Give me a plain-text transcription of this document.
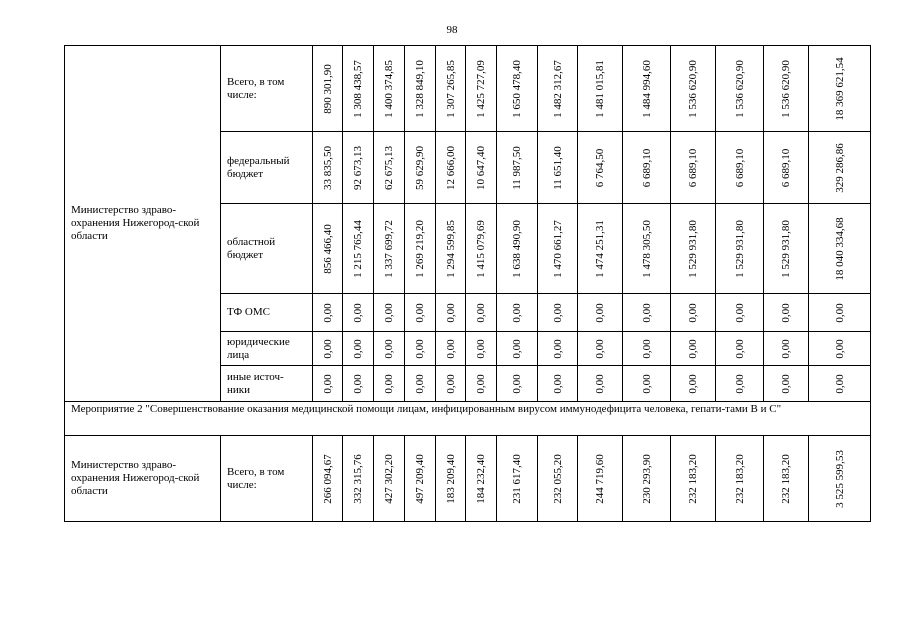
98
Министерство здраво-охранения Нижегород-ской области	Всего, в том числе:	890 301,90	1 308 438,57	1 400 374,85	1 328 849,10	1 307 265,85	1 425 727,09	1 650 478,40	1 482 312,67	1 481 015,81	1 484 994,60	1 536 620,90	1 536 620,90	1 536 620,90	18 369 621,54

	федеральный бюджет	33 835,50	92 673,13	62 675,13	59 629,90	12 666,00	10 647,40	11 987,50	11 651,40	6 764,50	6 689,10	6 689,10	6 689,10	6 689,10	329 286,86

	областной бюджет	856 466,40	1 215 765,44	1 337 699,72	1 269 219,20	1 294 599,85	1 415 079,69	1 638 490,90	1 470 661,27	1 474 251,31	1 478 305,50	1 529 931,80	1 529 931,80	1 529 931,80	18 040 334,68

	ТФ ОМС	0,00	0,00	0,00	0,00	0,00	0,00	0,00	0,00	0,00	0,00	0,00	0,00	0,00	0,00

	юридические лица	0,00	0,00	0,00	0,00	0,00	0,00	0,00	0,00	0,00	0,00	0,00	0,00	0,00	0,00

	иные источ-ники	0,00	0,00	0,00	0,00	0,00	0,00	0,00	0,00	0,00	0,00	0,00	0,00	0,00	0,00

Мероприятие 2 "Совершенствование оказания медицинской помощи лицам, инфицированным вирусом иммунодефицита человека, гепати-тами В и С"															
Министерство здраво-охранения Нижегород-ской области	Всего, в том числе:	266 094,67	332 315,76	427 302,20	497 209,40	183 209,40	184 232,40	231 617,40	232 055,20	244 719,60	230 293,90	232 183,20	232 183,20	232 183,20	3 525 599,53
